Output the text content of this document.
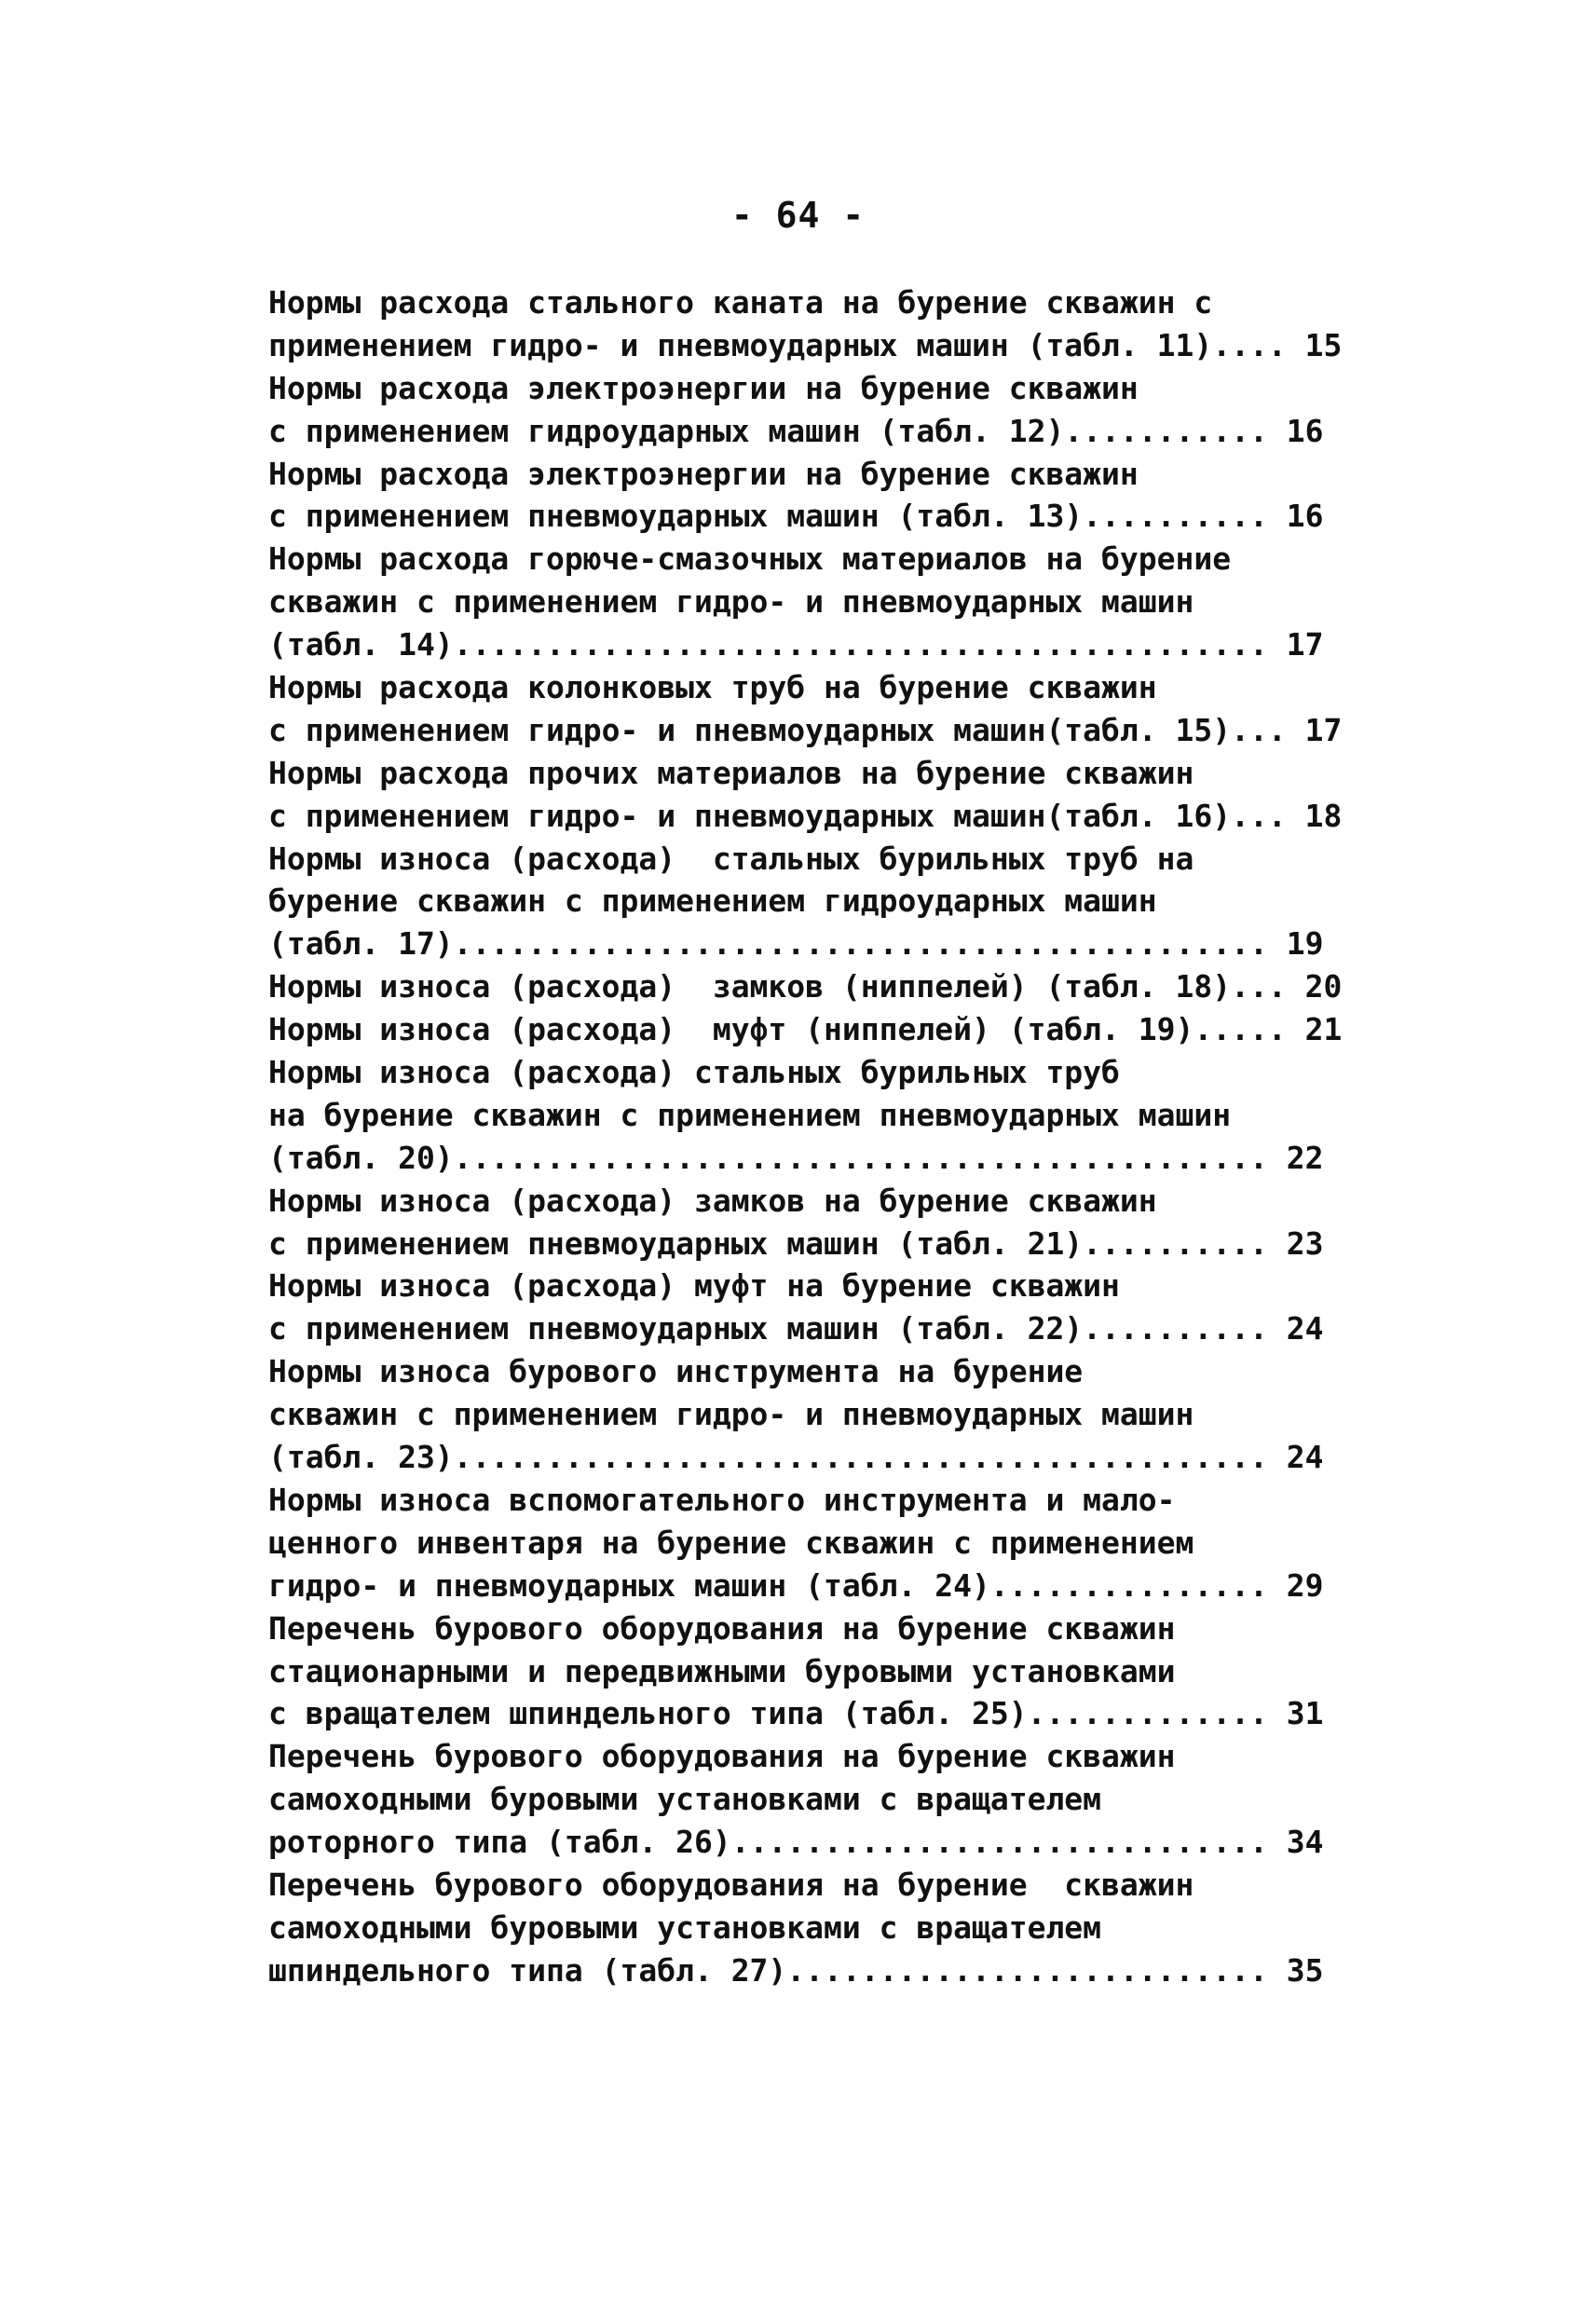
- 64 -
Нормы расхода стального каната на бурение скважин с
применением гидро- и пневмоударных машин (табл. 11).... 15
Нормы расхода электроэнергии на бурение скважин
с применением гидроударных машин (табл. 12)........... 16
Нормы расхода электроэнергии на бурение скважин
с применением пневмоударных машин (табл. 13).......... 16
Нормы расхода горюче-смазочных материалов на бурение
скважин с применением гидро- и пневмоударных машин
(табл. 14)............................................ 17
Нормы расхода колонковых труб на бурение скважин
с применением гидро- и пневмоударных машин(табл. 15)... 17
Нормы расхода прочих материалов на бурение скважин
с применением гидро- и пневмоударных машин(табл. 16)... 18
Нормы износа (расхода)  стальных бурильных труб на
бурение скважин с применением гидроударных машин
(табл. 17)............................................ 19
Нормы износа (расхода)  замков (ниппелей) (табл. 18)... 20
Нормы износа (расхода)  муфт (ниппелей) (табл. 19)..... 21
Нормы износа (расхода) стальных бурильных труб
на бурение скважин с применением пневмоударных машин
(табл. 20)............................................ 22
Нормы износа (расхода) замков на бурение скважин
с применением пневмоударных машин (табл. 21).......... 23
Нормы износа (расхода) муфт на бурение скважин
с применением пневмоударных машин (табл. 22).......... 24
Нормы износа бурового инструмента на бурение
скважин с применением гидро- и пневмоударных машин
(табл. 23)............................................ 24
Нормы износа вспомогательного инструмента и мало-
ценного инвентаря на бурение скважин с применением
гидро- и пневмоударных машин (табл. 24)............... 29
Перечень бурового оборудования на бурение скважин
стационарными и передвижными буровыми установками
с вращателем шпиндельного типа (табл. 25)............. 31
Перечень бурового оборудования на бурение скважин
самоходными буровыми установками с вращателем
роторного типа (табл. 26)............................. 34
Перечень бурового оборудования на бурение  скважин
самоходными буровыми установками с вращателем
шпиндельного типа (табл. 27).......................... 35
